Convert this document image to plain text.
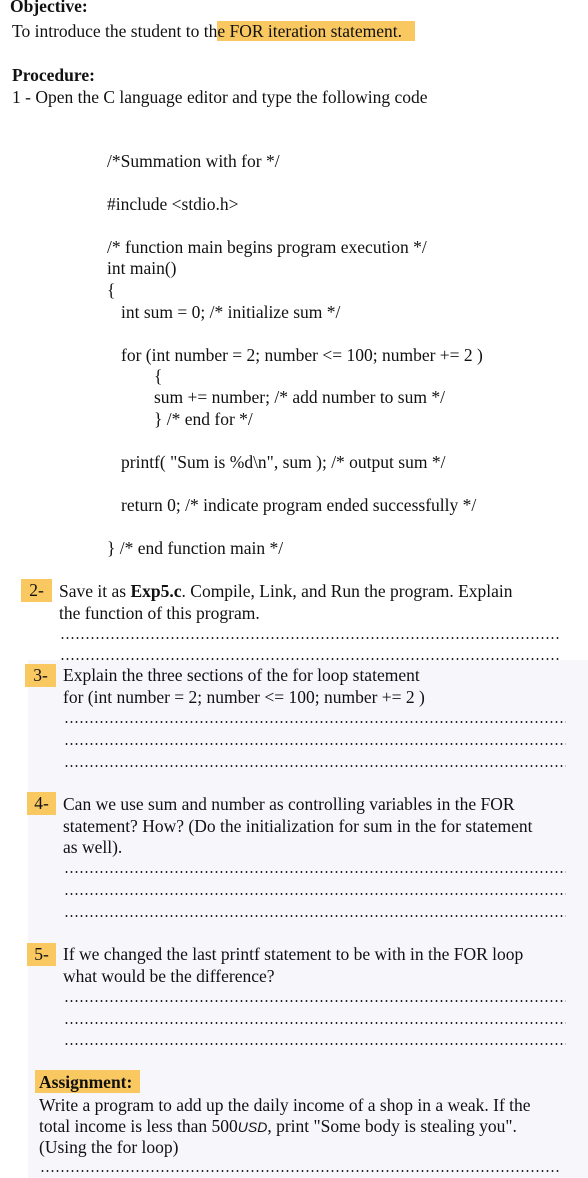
Objective:
To introduce the student to the FOR iteration statement.
Procedure:
1 - Open the C language editor and type the following code
/*Summation with for */
#include <stdio.h>
/* function main begins program execution */
int main()
{
int sum = 0; /* initialize sum */
for (int number = 2; number <= 100; number += 2 )
{
sum += number; /* add number to sum */
} /* end for */
printf( "Sum is %d\n", sum ); /* output sum */
return 0; /* indicate program ended successfully */
} /* end function main */
2- Save it as Exp5.c. Compile, Link, and Run the program. Explain
the function of this program.
3- Explain the three sections of the for loop statement
for (int number = 2; number <= 100; number += 2 )
4- Can we use sum and number as controlling variables in the FOR
statement? How? (Do the initialization for sum in the for statement
as well).
5- If we changed the last printf statement to be with in the FOR loop
what would be the difference?
Assignment:
Write a program to add up the daily income of a shop in a weak. If the
total income is less than 500USD, print "Some body is stealing you".
(Using the for loop)
